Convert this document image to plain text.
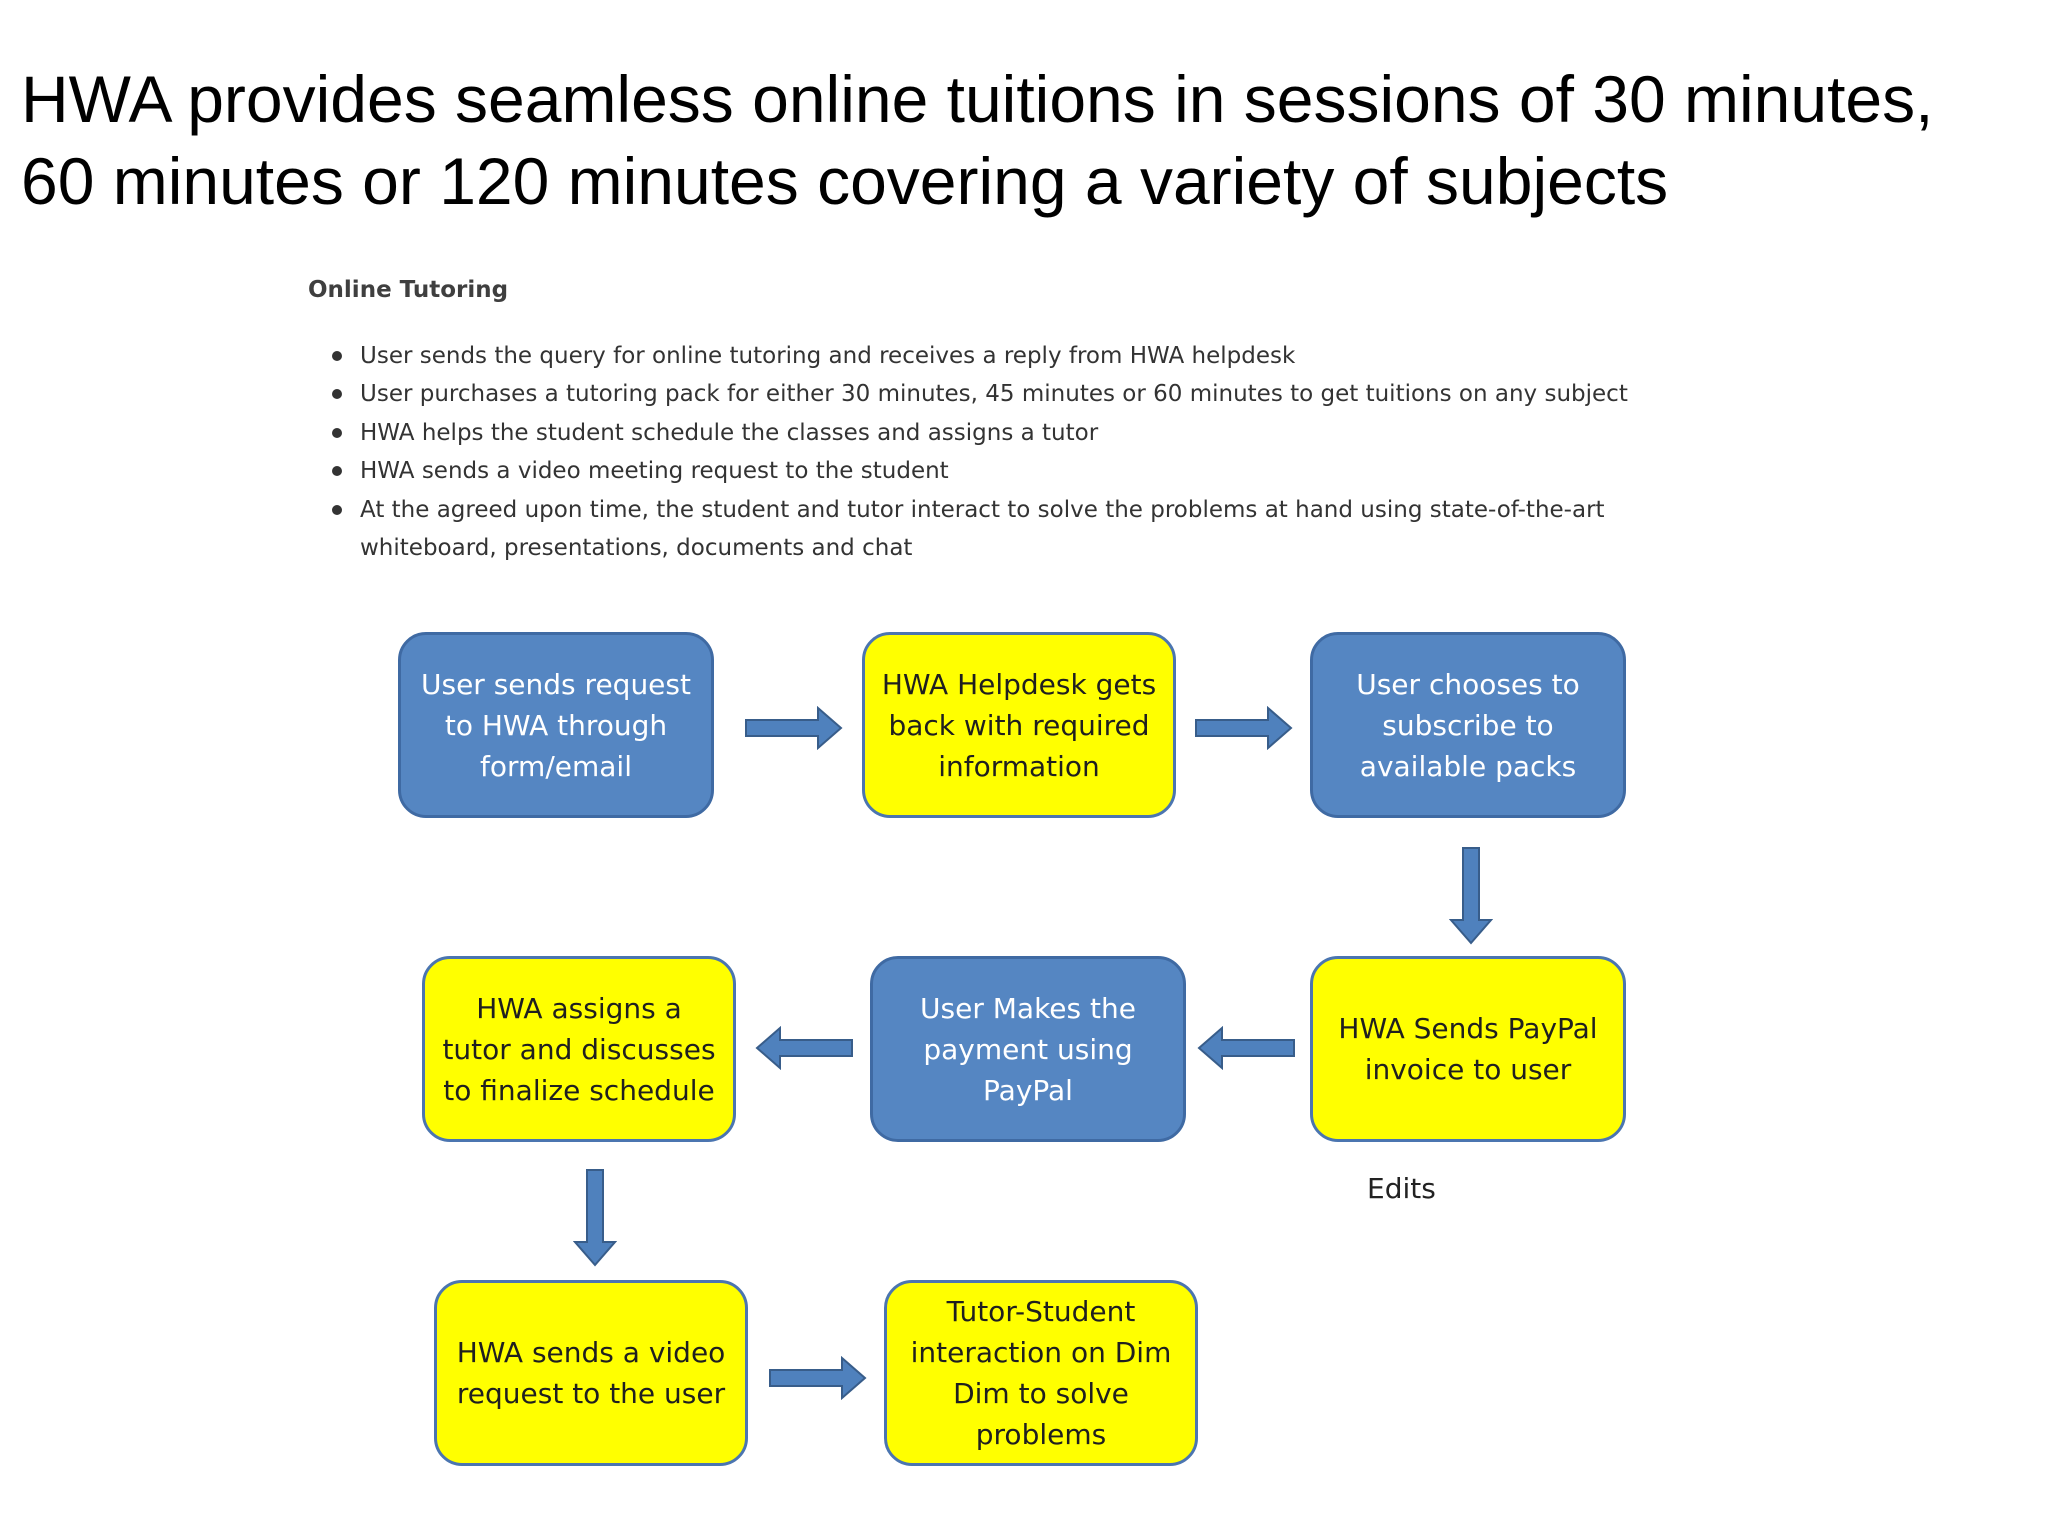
HWA provides seamless online tuitions in sessions of 30 minutes,
60 minutes or 120 minutes covering a variety of subjects
Online Tutoring
User sends the query for online tutoring and receives a reply from HWA helpdesk
User purchases a tutoring pack for either 30 minutes, 45 minutes or 60 minutes to get tuitions on any subject
HWA helps the student schedule the classes and assigns a tutor
HWA sends a video meeting request to the student
At the agreed upon time, the student and tutor interact to solve the problems at hand using state-of-the-art whiteboard, presentations, documents and chat
User sends request to HWA through form/email
HWA Helpdesk gets back with required information
User chooses to subscribe to available packs
HWA Sends PayPal invoice to user
User Makes the payment using PayPal
HWA assigns a tutor and discusses to finalize schedule
HWA sends a video request to the user
Tutor-Student interaction on Dim Dim to solve problems
Edits
